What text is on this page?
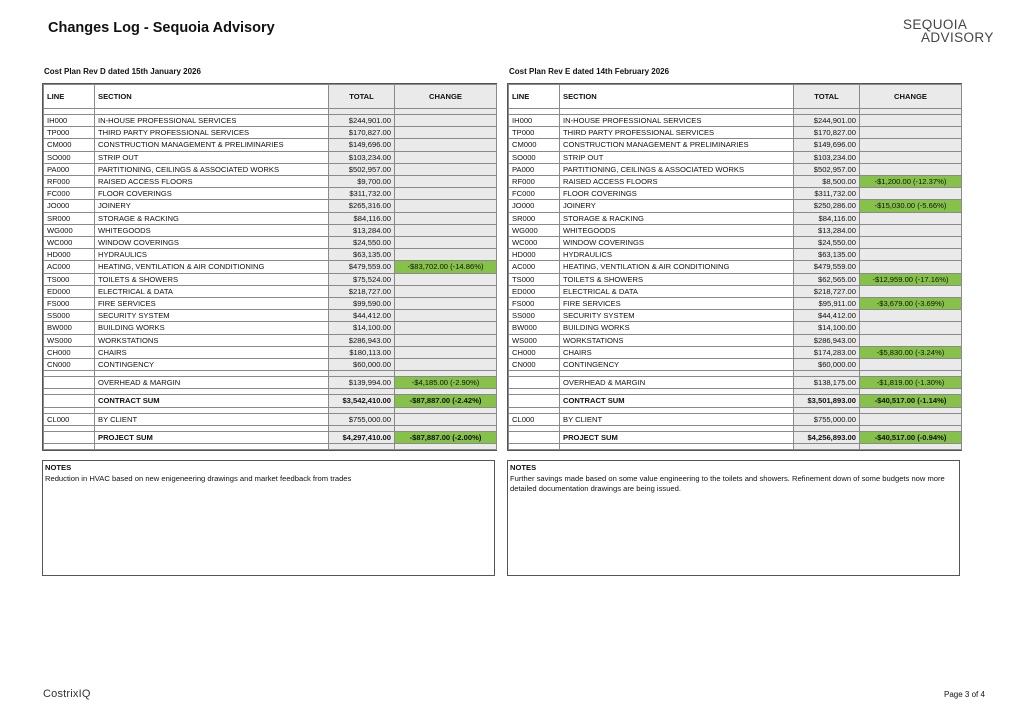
Changes Log - Sequoia Advisory	SEQUOIA
ADVISORY
Cost Plan Rev D dated 15th January 2026	Cost Plan Rev E dated 14th February 2026
LINE	SECTION	TOTAL	CHANGE

IH000	IN-HOUSE PROFESSIONAL SERVICES	$244,901.00	
TP000	THIRD PARTY PROFESSIONAL SERVICES	$170,827.00	
CM000	CONSTRUCTION MANAGEMENT & PRELIMINARIES	$149,696.00	
SO000	STRIP OUT	$103,234.00	
PA000	PARTITIONING, CEILINGS & ASSOCIATED WORKS	$502,957.00	
RF000	RAISED ACCESS FLOORS	$9,700.00	
FC000	FLOOR COVERINGS	$311,732.00	
JO000	JOINERY	$265,316.00	
SR000	STORAGE & RACKING	$84,116.00	
WG000	WHITEGOODS	$13,284.00	
WC000	WINDOW COVERINGS	$24,550.00	
HD000	HYDRAULICS	$63,135.00	
AC000	HEATING, VENTILATION & AIR CONDITIONING	$479,559.00	-$83,702.00 (-14.86%)
TS000	TOILETS & SHOWERS	$75,524.00	
ED000	ELECTRICAL & DATA	$218,727.00	
FS000	FIRE SERVICES	$99,590.00	
SS000	SECURITY SYSTEM	$44,412.00	
BW000	BUILDING WORKS	$14,100.00	
WS000	WORKSTATIONS	$286,943.00	
CH000	CHAIRS	$180,113.00	
CN000	CONTINGENCY	$60,000.00	

	OVERHEAD & MARGIN	$139,994.00	-$4,185.00 (-2.90%)

	CONTRACT SUM	$3,542,410.00	-$87,887.00 (-2.42%)

CL000	BY CLIENT	$755,000.00	

	PROJECT SUM	$4,297,410.00	-$87,887.00 (-2.00%)

LINE	SECTION	TOTAL	CHANGE

IH000	IN-HOUSE PROFESSIONAL SERVICES	$244,901.00	
TP000	THIRD PARTY PROFESSIONAL SERVICES	$170,827.00	
CM000	CONSTRUCTION MANAGEMENT & PRELIMINARIES	$149,696.00	
SO000	STRIP OUT	$103,234.00	
PA000	PARTITIONING, CEILINGS & ASSOCIATED WORKS	$502,957.00	
RF000	RAISED ACCESS FLOORS	$8,500.00	-$1,200.00 (-12.37%)
FC000	FLOOR COVERINGS	$311,732.00	
JO000	JOINERY	$250,286.00	-$15,030.00 (-5.66%)
SR000	STORAGE & RACKING	$84,116.00	
WG000	WHITEGOODS	$13,284.00	
WC000	WINDOW COVERINGS	$24,550.00	
HD000	HYDRAULICS	$63,135.00	
AC000	HEATING, VENTILATION & AIR CONDITIONING	$479,559.00	
TS000	TOILETS & SHOWERS	$62,565.00	-$12,959.00 (-17.16%)
ED000	ELECTRICAL & DATA	$218,727.00	
FS000	FIRE SERVICES	$95,911.00	-$3,679.00 (-3.69%)
SS000	SECURITY SYSTEM	$44,412.00	
BW000	BUILDING WORKS	$14,100.00	
WS000	WORKSTATIONS	$286,943.00	
CH000	CHAIRS	$174,283.00	-$5,830.00 (-3.24%)
CN000	CONTINGENCY	$60,000.00	

	OVERHEAD & MARGIN	$138,175.00	-$1,819.00 (-1.30%)

	CONTRACT SUM	$3,501,893.00	-$40,517.00 (-1.14%)

CL000	BY CLIENT	$755,000.00	

	PROJECT SUM	$4,256,893.00	-$40,517.00 (-0.94%)

NOTES
Reduction in HVAC based on new enigeneering drawings and market feedback from trades
NOTES
Further savings made based on some value engineering to the toilets and showers. Refinement down of some budgets now more detailed documentation drawings are being issued.
CostrixIQ	Page 3 of 4
